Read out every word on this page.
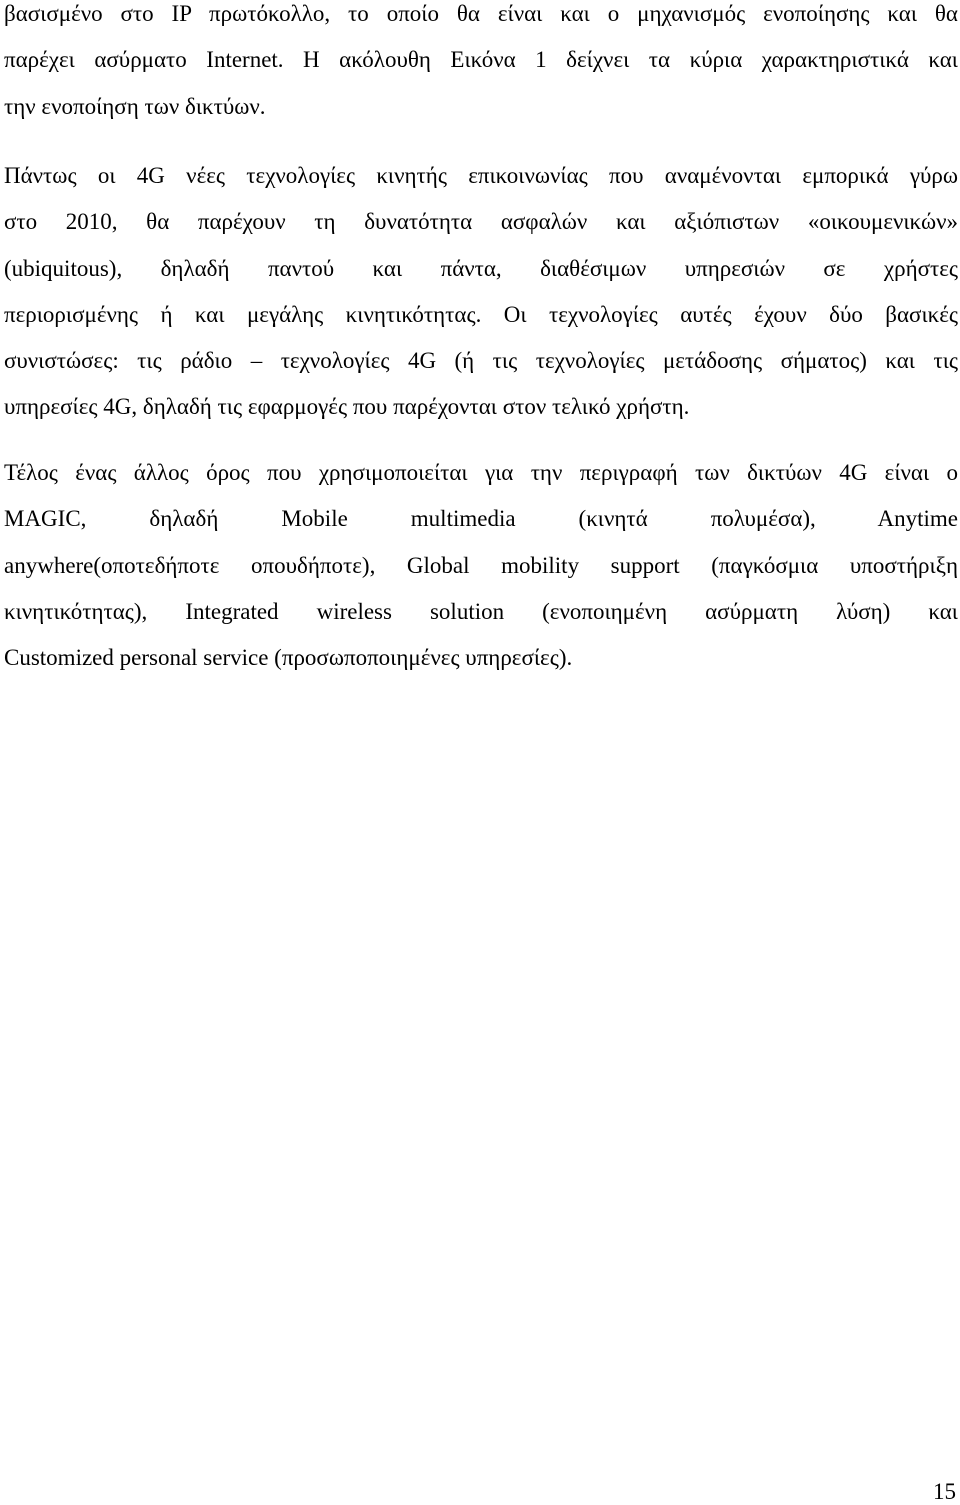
βασισμένο στο IP πρωτόκολλο, το οποίο θα είναι και ο μηχανισμός ενοποίησης και θα
παρέχει ασύρματο Internet. Η ακόλουθη Εικόνα 1 δείχνει τα κύρια χαρακτηριστικά και
την ενοποίηση των δικτύων.

Πάντως οι 4G νέες τεχνολογίες κινητής επικοινωνίας που αναμένονται εμπορικά γύρω
στο 2010, θα παρέχουν τη δυνατότητα ασφαλών και αξιόπιστων «οικουμενικών»
(ubiquitous), δηλαδή παντού και πάντα, διαθέσιμων υπηρεσιών σε χρήστες
περιορισμένης ή και μεγάλης κινητικότητας. Οι τεχνολογίες αυτές έχουν δύο βασικές
συνιστώσες: τις ράδιο – τεχνολογίες 4G (ή τις τεχνολογίες μετάδοσης σήματος) και τις
υπηρεσίες 4G, δηλαδή τις εφαρμογές που παρέχονται στον τελικό χρήστη.

Τέλος ένας άλλος όρος που χρησιμοποιείται για την περιγραφή των δικτύων 4G είναι ο
MAGIC, δηλαδή Mobile multimedia (κινητά πολυμέσα), Anytime
anywhere(οποτεδήποτε οπουδήποτε), Global mobility support (παγκόσμια υποστήριξη
κινητικότητας), Integrated wireless solution (ενοποιημένη ασύρματη λύση) και
Customized personal service (προσωποποιημένες υπηρεσίες).

15
